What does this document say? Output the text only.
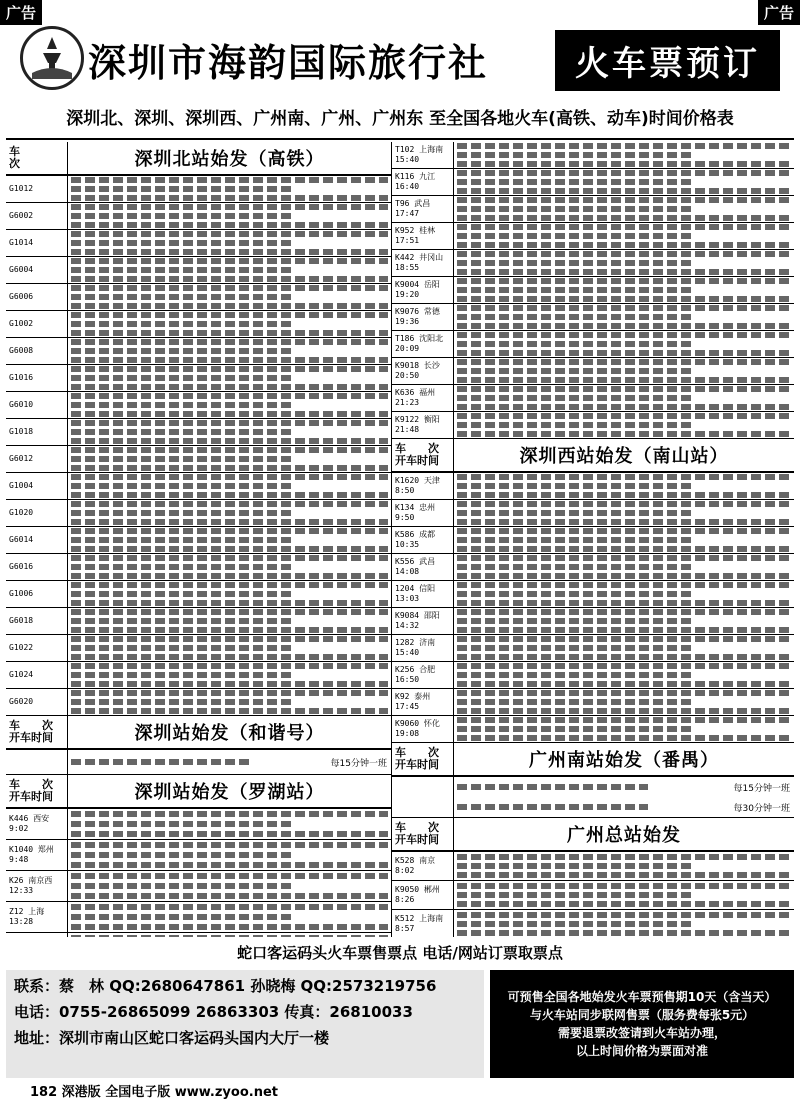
广告	广告
深圳市海韵国际旅行社	火车票预订
深圳北、深圳、深圳西、广州南、广州、广州东 至全国各地火车(高铁、动车)时间价格表
车
次	深圳北站始发（高铁）
G1012
G6002
G1014
G6004
G6006
G1002
G6008
G1016
G6010
G1018
G6012
G1004
G1020
G6014
G6016
G1006
G6018
G1022
G1024
G6020
车　　次
开车时间	深圳站始发（和谐号）
每15分钟一班
车　　次
开车时间	深圳站始发（罗湖站）
K446 西安 9:02
K1040 郑州 9:48
K26 南京西 12:33
Z12 上海 13:28
T102 上海南 15:40
K116 九江 16:40
T96 武昌 17:47
K952 桂林 17:51
K442 井冈山 18:55
K9004 岳阳 19:20
K9076 常德 19:36
T186 沈阳北 20:09
K9018 长沙 20:50
K636 福州 21:23
K9122 衡阳 21:48
车　　次
开车时间	深圳西站始发（南山站）
K1620 天津 8:50
K134 忠州 9:50
K586 成都 10:35
K556 武昌 14:08
1204 信阳 13:03
K9084 邵阳 14:32
1282 济南 15:40
K256 合肥 16:50
K92 泰州 17:45
K9060 怀化 19:08
车　　次
开车时间	广州南站始发（番禺）
每15分钟一班
每30分钟一班
车　　次
开车时间	广州总站始发
K528 南京 8:02
K9050 郴州 8:26
K512 上海南 8:57
蛇口客运码头火车票售票点 电话/网站订票取票点
联系：蔡　林 QQ:2680647861 孙晓梅 QQ:2573219756
电话：0755-26865099 26863303 传真：26810033
地址：深圳市南山区蛇口客运码头国内大厅一楼
可预售全国各地始发火车票预售期10天（含当天）
与火车站同步联网售票（服务费每张5元）
需要退票改签请到火车站办理，
以上时间价格为票面对准
182 深港版 全国电子版 www.zyoo.net
